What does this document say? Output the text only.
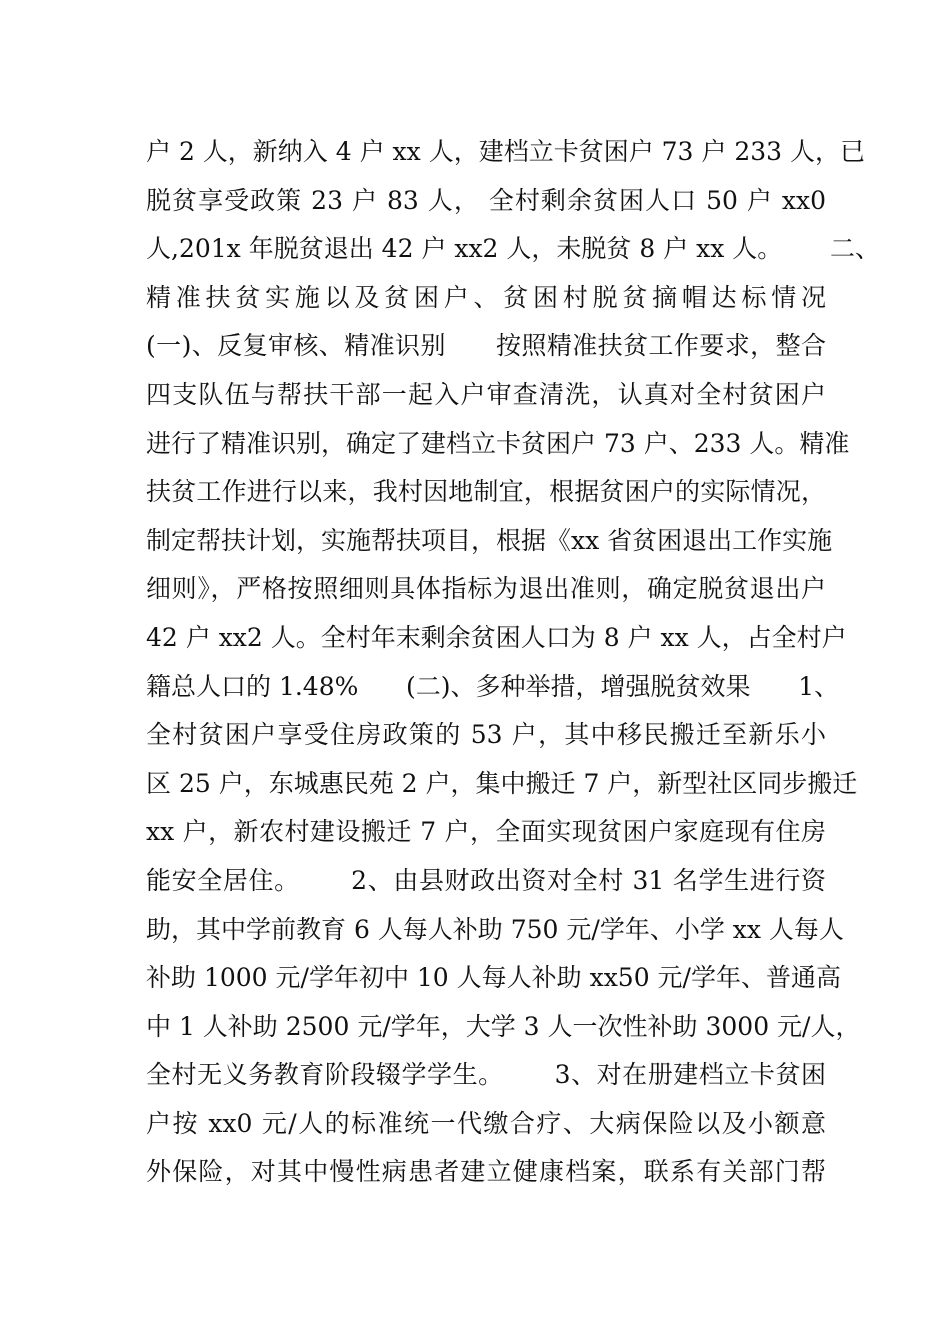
户 2 人，新纳入 4 户 xx 人，建档立卡贫困户 73 户 233 人，已
脱贫享受政策 23 户 83 人， 全村剩余贫困人口 50 户 xx0
人,201x 年脱贫退出 42 户 xx2 人，未脱贫 8 户 xx 人。      二、
精准扶贫实施以及贫困户、贫困村脱贫摘帽达标情况
(一)、反复审核、精准识别      按照精准扶贫工作要求，整合
四支队伍与帮扶干部一起入户审查清洗，认真对全村贫困户
进行了精准识别，确定了建档立卡贫困户 73 户、233 人。精准
扶贫工作进行以来，我村因地制宜，根据贫困户的实际情况，
制定帮扶计划，实施帮扶项目，根据《xx 省贫困退出工作实施
细则》，严格按照细则具体指标为退出准则，确定脱贫退出户
42 户 xx2 人。全村年末剩余贫困人口为 8 户 xx 人，占全村户
籍总人口的 1.48%      (二)、多种举措，增强脱贫效果      1、
全村贫困户享受住房政策的 53 户，其中移民搬迁至新乐小
区 25 户，东城惠民苑 2 户，集中搬迁 7 户，新型社区同步搬迁
xx 户，新农村建设搬迁 7 户，全面实现贫困户家庭现有住房
能安全居住。      2、由县财政出资对全村 31 名学生进行资
助，其中学前教育 6 人每人补助 750 元/学年、小学 xx 人每人
补助 1000 元/学年初中 10 人每人补助 xx50 元/学年、普通高
中 1 人补助 2500 元/学年，大学 3 人一次性补助 3000 元/人，
全村无义务教育阶段辍学学生。      3、对在册建档立卡贫困
户按 xx0 元/人的标准统一代缴合疗、大病保险以及小额意
外保险，对其中慢性病患者建立健康档案，联系有关部门帮
